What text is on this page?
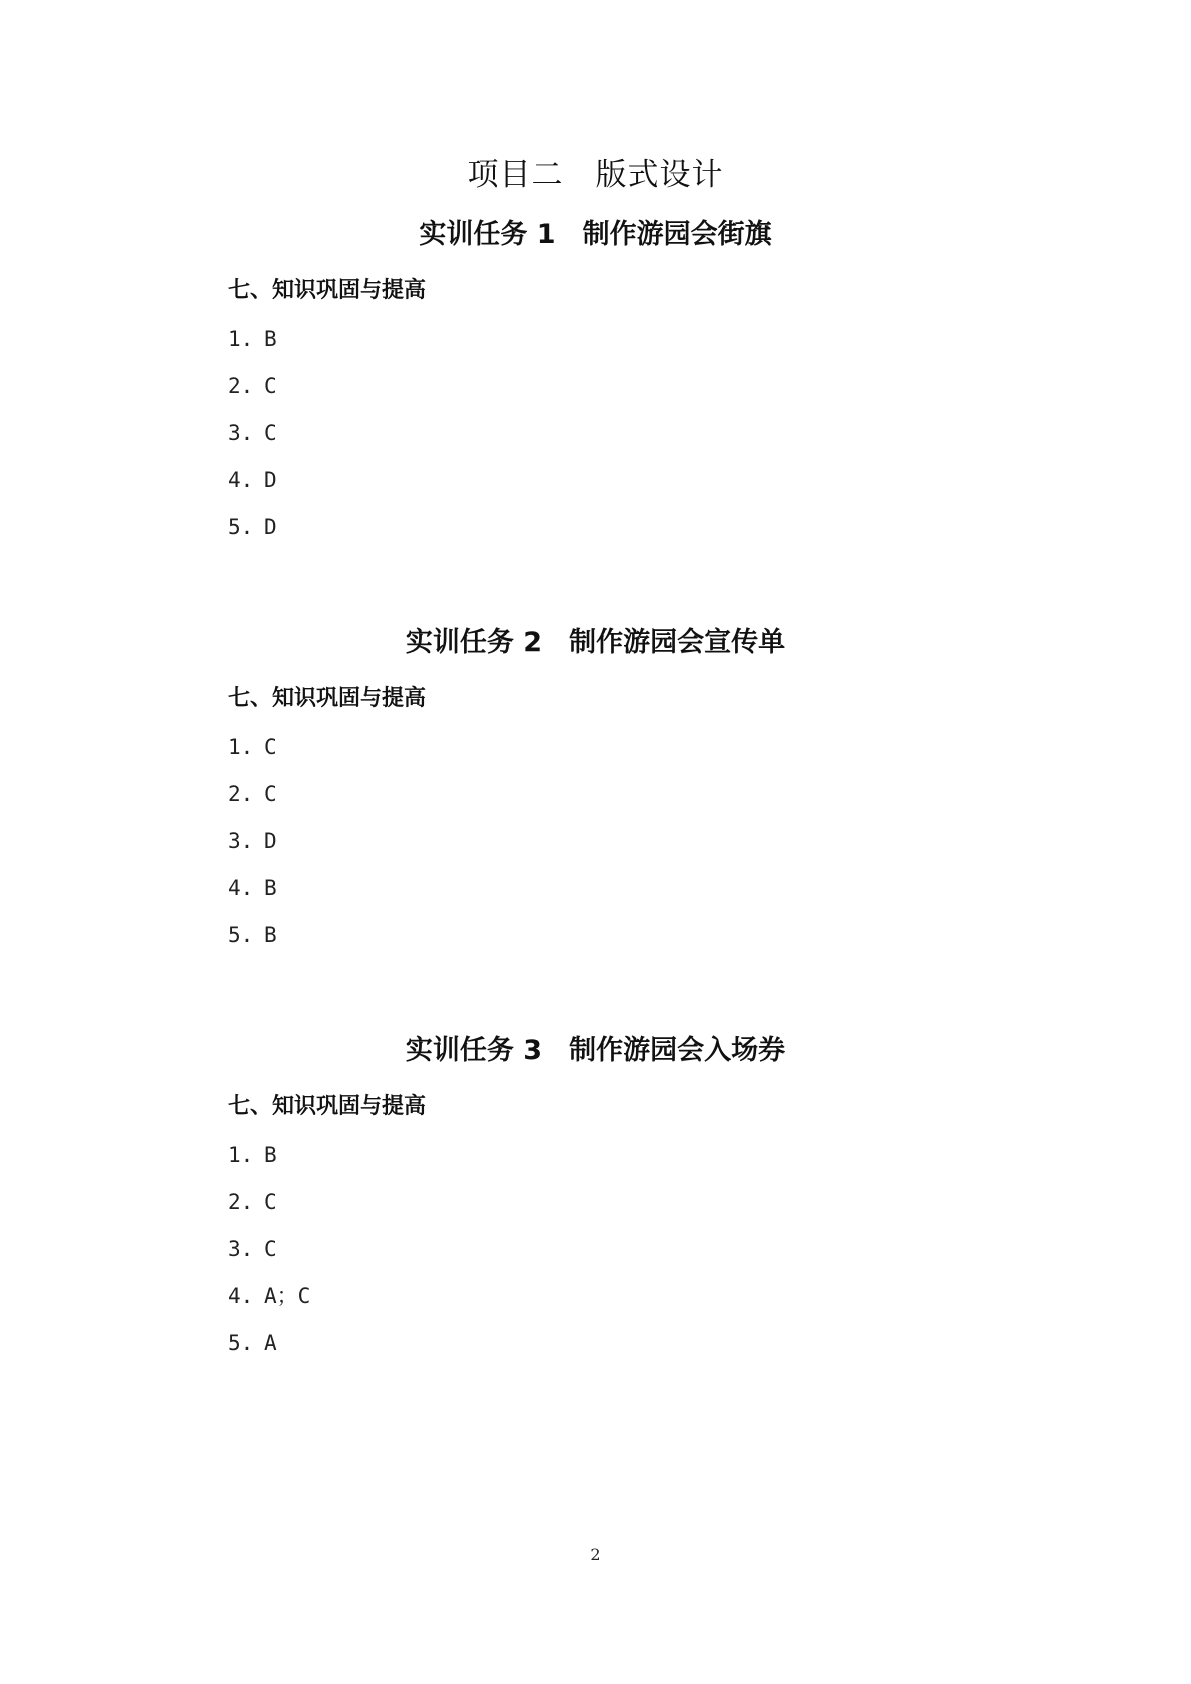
项目二　版式设计
实训任务 1　制作游园会街旗
七、知识巩固与提高
1. B
2. C
3. C
4. D
5. D
实训任务 2　制作游园会宣传单
七、知识巩固与提高
1. C
2. C
3. D
4. B
5. B
实训任务 3　制作游园会入场券
七、知识巩固与提高
1. B
2. C
3. C
4. A；C
5. A
2
